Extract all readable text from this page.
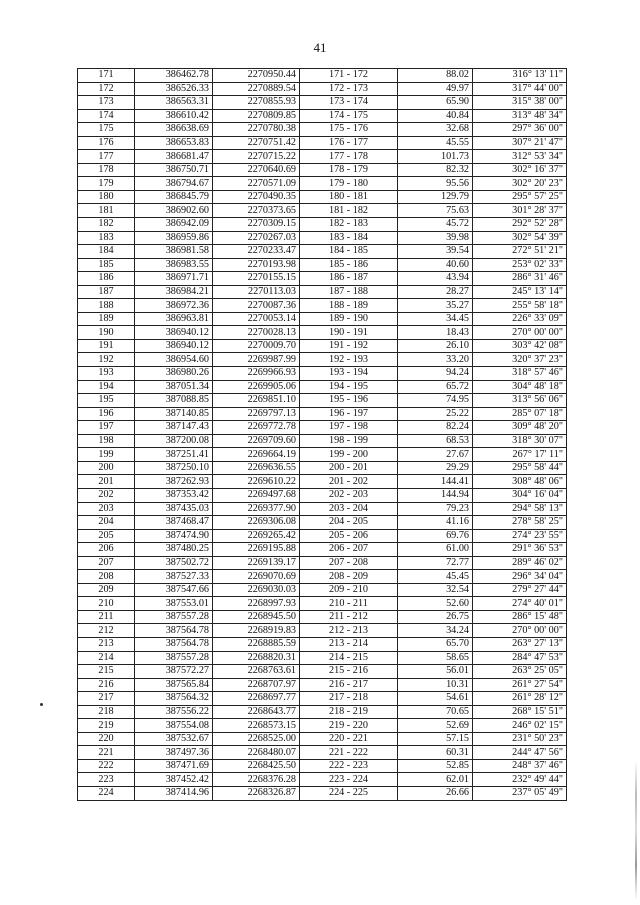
41
171	386462.78	2270950.44	171 - 172	88.02	316° 13' 11"
172	386526.33	2270889.54	172 - 173	49.97	317° 44' 00"
173	386563.31	2270855.93	173 - 174	65.90	315° 38' 00"
174	386610.42	2270809.85	174 - 175	40.84	313° 48' 34"
175	386638.69	2270780.38	175 - 176	32.68	297° 36' 00"
176	386653.83	2270751.42	176 - 177	45.55	307° 21' 47"
177	386681.47	2270715.22	177 - 178	101.73	312° 53' 34"
178	386750.71	2270640.69	178 - 179	82.32	302° 16' 37"
179	386794.67	2270571.09	179 - 180	95.56	302° 20' 23"
180	386845.79	2270490.35	180 - 181	129.79	295° 57' 25"
181	386902.60	2270373.65	181 - 182	75.63	301° 28' 37"
182	386942.09	2270309.15	182 - 183	45.72	292° 52' 28"
183	386959.86	2270267.03	183 - 184	39.98	302° 54' 39"
184	386981.58	2270233.47	184 - 185	39.54	272° 51' 21"
185	386983.55	2270193.98	185 - 186	40.60	253° 02' 33"
186	386971.71	2270155.15	186 - 187	43.94	286° 31' 46"
187	386984.21	2270113.03	187 - 188	28.27	245° 13' 14"
188	386972.36	2270087.36	188 - 189	35.27	255° 58' 18"
189	386963.81	2270053.14	189 - 190	34.45	226° 33' 09"
190	386940.12	2270028.13	190 - 191	18.43	270° 00' 00"
191	386940.12	2270009.70	191 - 192	26.10	303° 42' 08"
192	386954.60	2269987.99	192 - 193	33.20	320° 37' 23"
193	386980.26	2269966.93	193 - 194	94.24	318° 57' 46"
194	387051.34	2269905.06	194 - 195	65.72	304° 48' 18"
195	387088.85	2269851.10	195 - 196	74.95	313° 56' 06"
196	387140.85	2269797.13	196 - 197	25.22	285° 07' 18"
197	387147.43	2269772.78	197 - 198	82.24	309° 48' 20"
198	387200.08	2269709.60	198 - 199	68.53	318° 30' 07"
199	387251.41	2269664.19	199 - 200	27.67	267° 17' 11"
200	387250.10	2269636.55	200 - 201	29.29	295° 58' 44"
201	387262.93	2269610.22	201 - 202	144.41	308° 48' 06"
202	387353.42	2269497.68	202 - 203	144.94	304° 16' 04"
203	387435.03	2269377.90	203 - 204	79.23	294° 58' 13"
204	387468.47	2269306.08	204 - 205	41.16	278° 58' 25"
205	387474.90	2269265.42	205 - 206	69.76	274° 23' 55"
206	387480.25	2269195.88	206 - 207	61.00	291° 36' 53"
207	387502.72	2269139.17	207 - 208	72.77	289° 46' 02"
208	387527.33	2269070.69	208 - 209	45.45	296° 34' 04"
209	387547.66	2269030.03	209 - 210	32.54	279° 27' 44"
210	387553.01	2268997.93	210 - 211	52.60	274° 40' 01"
211	387557.28	2268945.50	211 - 212	26.75	286° 15' 48"
212	387564.78	2268919.83	212 - 213	34.24	270° 00' 00"
213	387564.78	2268885.59	213 - 214	65.70	263° 27' 13"
214	387557.28	2268820.31	214 - 215	58.65	284° 47' 53"
215	387572.27	2268763.61	215 - 216	56.01	263° 25' 05"
216	387565.84	2268707.97	216 - 217	10.31	261° 27' 54"
217	387564.32	2268697.77	217 - 218	54.61	261° 28' 12"
218	387556.22	2268643.77	218 - 219	70.65	268° 15' 51"
219	387554.08	2268573.15	219 - 220	52.69	246° 02' 15"
220	387532.67	2268525.00	220 - 221	57.15	231° 50' 23"
221	387497.36	2268480.07	221 - 222	60.31	244° 47' 56"
222	387471.69	2268425.50	222 - 223	52.85	248° 37' 46"
223	387452.42	2268376.28	223 - 224	62.01	232° 49' 44"
224	387414.96	2268326.87	224 - 225	26.66	237° 05' 49"
